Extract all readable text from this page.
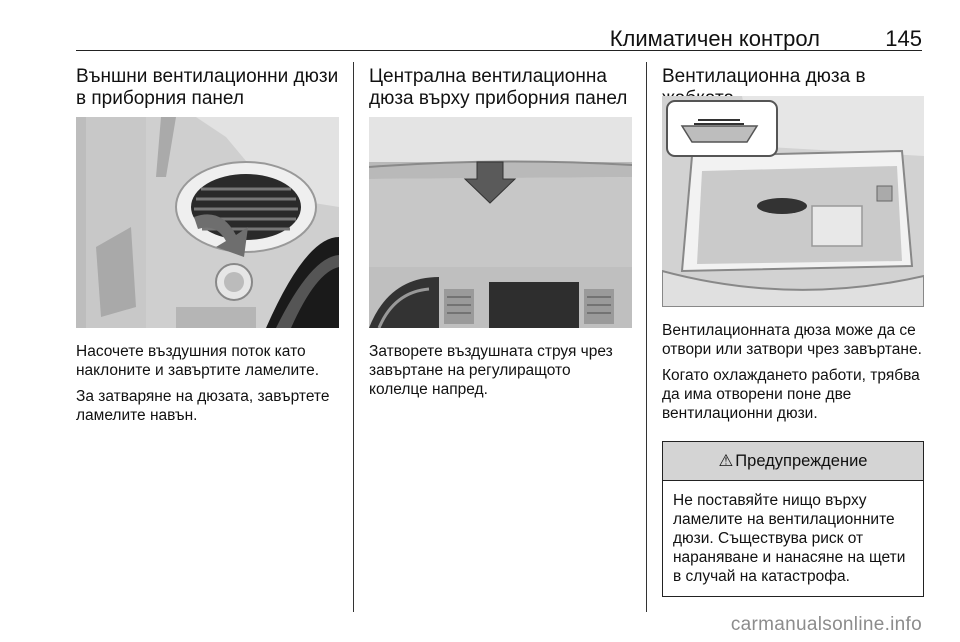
Климатичен контрол	145
Външни вентилационни дюзи в приборния панел

Насочете въздушния поток като наклоните и завъртите ламелите.

За затваряне на дюзата, завъртете ламелите навън.

Централна вентилационна дюза върху приборния панел

Затворете въздушната струя чрез завъртане на регулиращото колелце напред.

Вентилационна дюза в

Вентилационната дюза може да се отвори или затвори чрез завъртане.

Когато охлаждането работи, трябва да има отворени поне две вентилационни дюзи.

⚠ Предупреждение
Не поставяйте нищо върху ламелите на вентилационните дюзи. Съществува риск от нараняване и нанасяне на щети в случай на катастрофа.
carmanualsonline.info
